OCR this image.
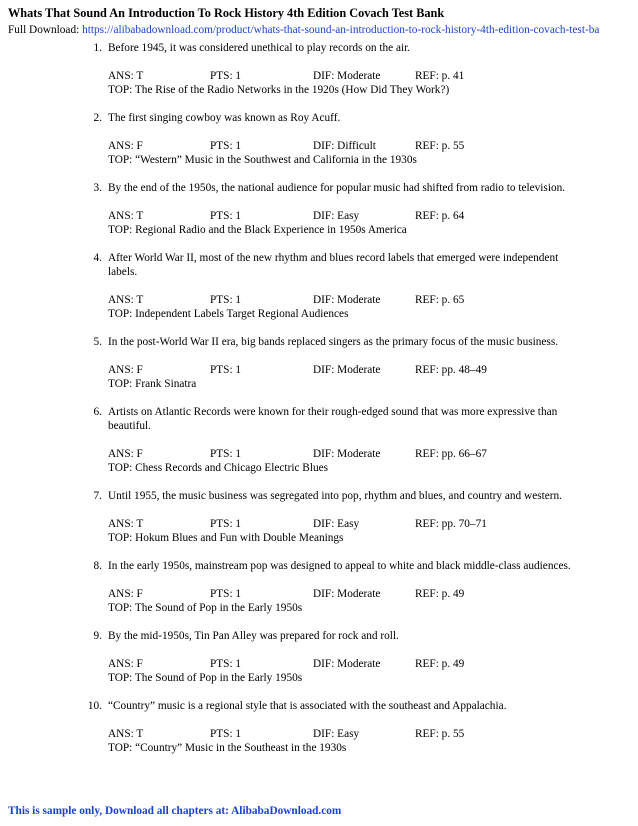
Whats That Sound An Introduction To Rock History 4th Edition Covach Test Bank
Full Download: https://alibabadownload.com/product/whats-that-sound-an-introduction-to-rock-history-4th-edition-covach-test-ba
1. Before 1945, it was considered unethical to play records on the air.
ANS: T	PTS: 1	DIF: Moderate	REF: p. 41
TOP: The Rise of the Radio Networks in the 1920s (How Did They Work?)
2. The first singing cowboy was known as Roy Acuff.
ANS: F	PTS: 1	DIF: Difficult	REF: p. 55
TOP: “Western” Music in the Southwest and California in the 1930s
3. By the end of the 1950s, the national audience for popular music had shifted from radio to television.
ANS: T	PTS: 1	DIF: Easy	REF: p. 64
TOP: Regional Radio and the Black Experience in 1950s America
4. After World War II, most of the new rhythm and blues record labels that emerged were independent
labels.
ANS: T	PTS: 1	DIF: Moderate	REF: p. 65
TOP: Independent Labels Target Regional Audiences
5. In the post-World War II era, big bands replaced singers as the primary focus of the music business.
ANS: F	PTS: 1	DIF: Moderate	REF: pp. 48–49
TOP: Frank Sinatra
6. Artists on Atlantic Records were known for their rough-edged sound that was more expressive than
beautiful.
ANS: F	PTS: 1	DIF: Moderate	REF: pp. 66–67
TOP: Chess Records and Chicago Electric Blues
7. Until 1955, the music business was segregated into pop, rhythm and blues, and country and western.
ANS: T	PTS: 1	DIF: Easy	REF: pp. 70–71
TOP: Hokum Blues and Fun with Double Meanings
8. In the early 1950s, mainstream pop was designed to appeal to white and black middle-class audiences.
ANS: F	PTS: 1	DIF: Moderate	REF: p. 49
TOP: The Sound of Pop in the Early 1950s
9. By the mid-1950s, Tin Pan Alley was prepared for rock and roll.
ANS: F	PTS: 1	DIF: Moderate	REF: p. 49
TOP: The Sound of Pop in the Early 1950s
10. “Country” music is a regional style that is associated with the southeast and Appalachia.
ANS: T	PTS: 1	DIF: Easy	REF: p. 55
TOP: “Country” Music in the Southeast in the 1930s
This is sample only, Download all chapters at: AlibabaDownload.com
